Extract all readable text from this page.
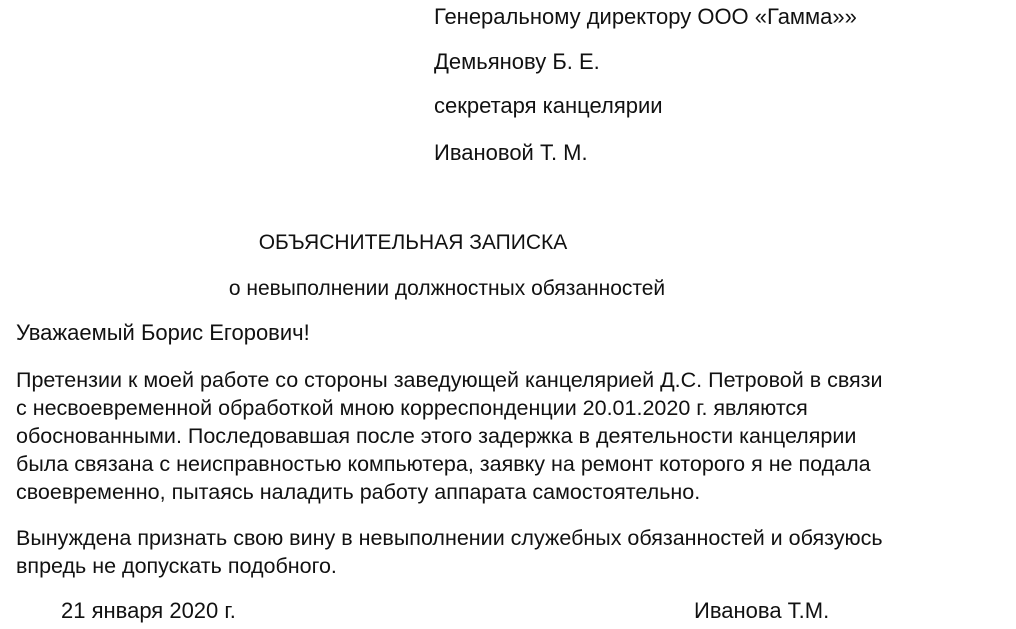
Генеральному директору ООО «Гамма»»
Демьянову Б. Е.
секретаря канцелярии
Ивановой Т. М.
ОБЪЯСНИТЕЛЬНАЯ ЗАПИСКА
о невыполнении должностных обязанностей
Уважаемый Борис Егорович!
Претензии к моей работе со стороны заведующей канцелярией Д.С. Петровой в связи
с несвоевременной обработкой мною корреспонденции 20.01.2020 г. являются
обоснованными. Последовавшая после этого задержка в деятельности канцелярии
была связана с неисправностью компьютера, заявку на ремонт которого я не подала
своевременно, пытаясь наладить работу аппарата самостоятельно.
Вынуждена признать свою вину в невыполнении служебных обязанностей и обязуюсь
впредь не допускать подобного.
21 января 2020 г.	Иванова Т.М.
